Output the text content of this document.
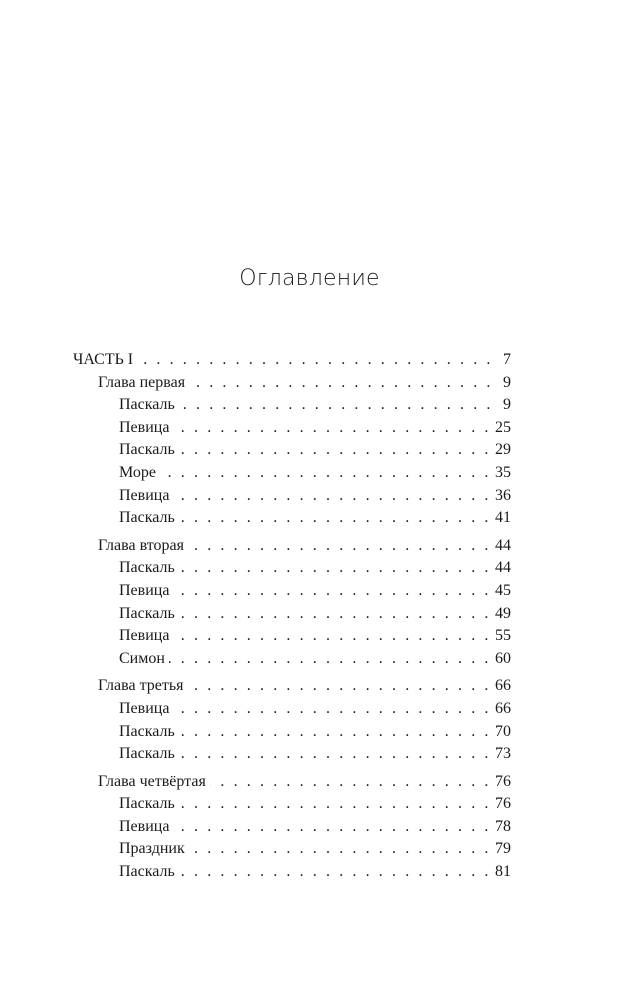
Оглавление
ЧАСТЬ I . . .	7
Глава первая . . .	9
Паскаль . . .	9
Певица . . .	25
Паскаль . . .	29
Море . . .	35
Певица . . .	36
Паскаль . . .	41
Глава вторая . . .	44
Паскаль . . .	44
Певица . . .	45
Паскаль . . .	49
Певица . . .	55
Симон . . .	60
Глава третья . . .	66
Певица . . .	66
Паскаль . . .	70
Паскаль . . .	73
Глава четвёртая . . .	76
Паскаль . . .	76
Певица . . .	78
Праздник . . .	79
Паскаль . . .	81
